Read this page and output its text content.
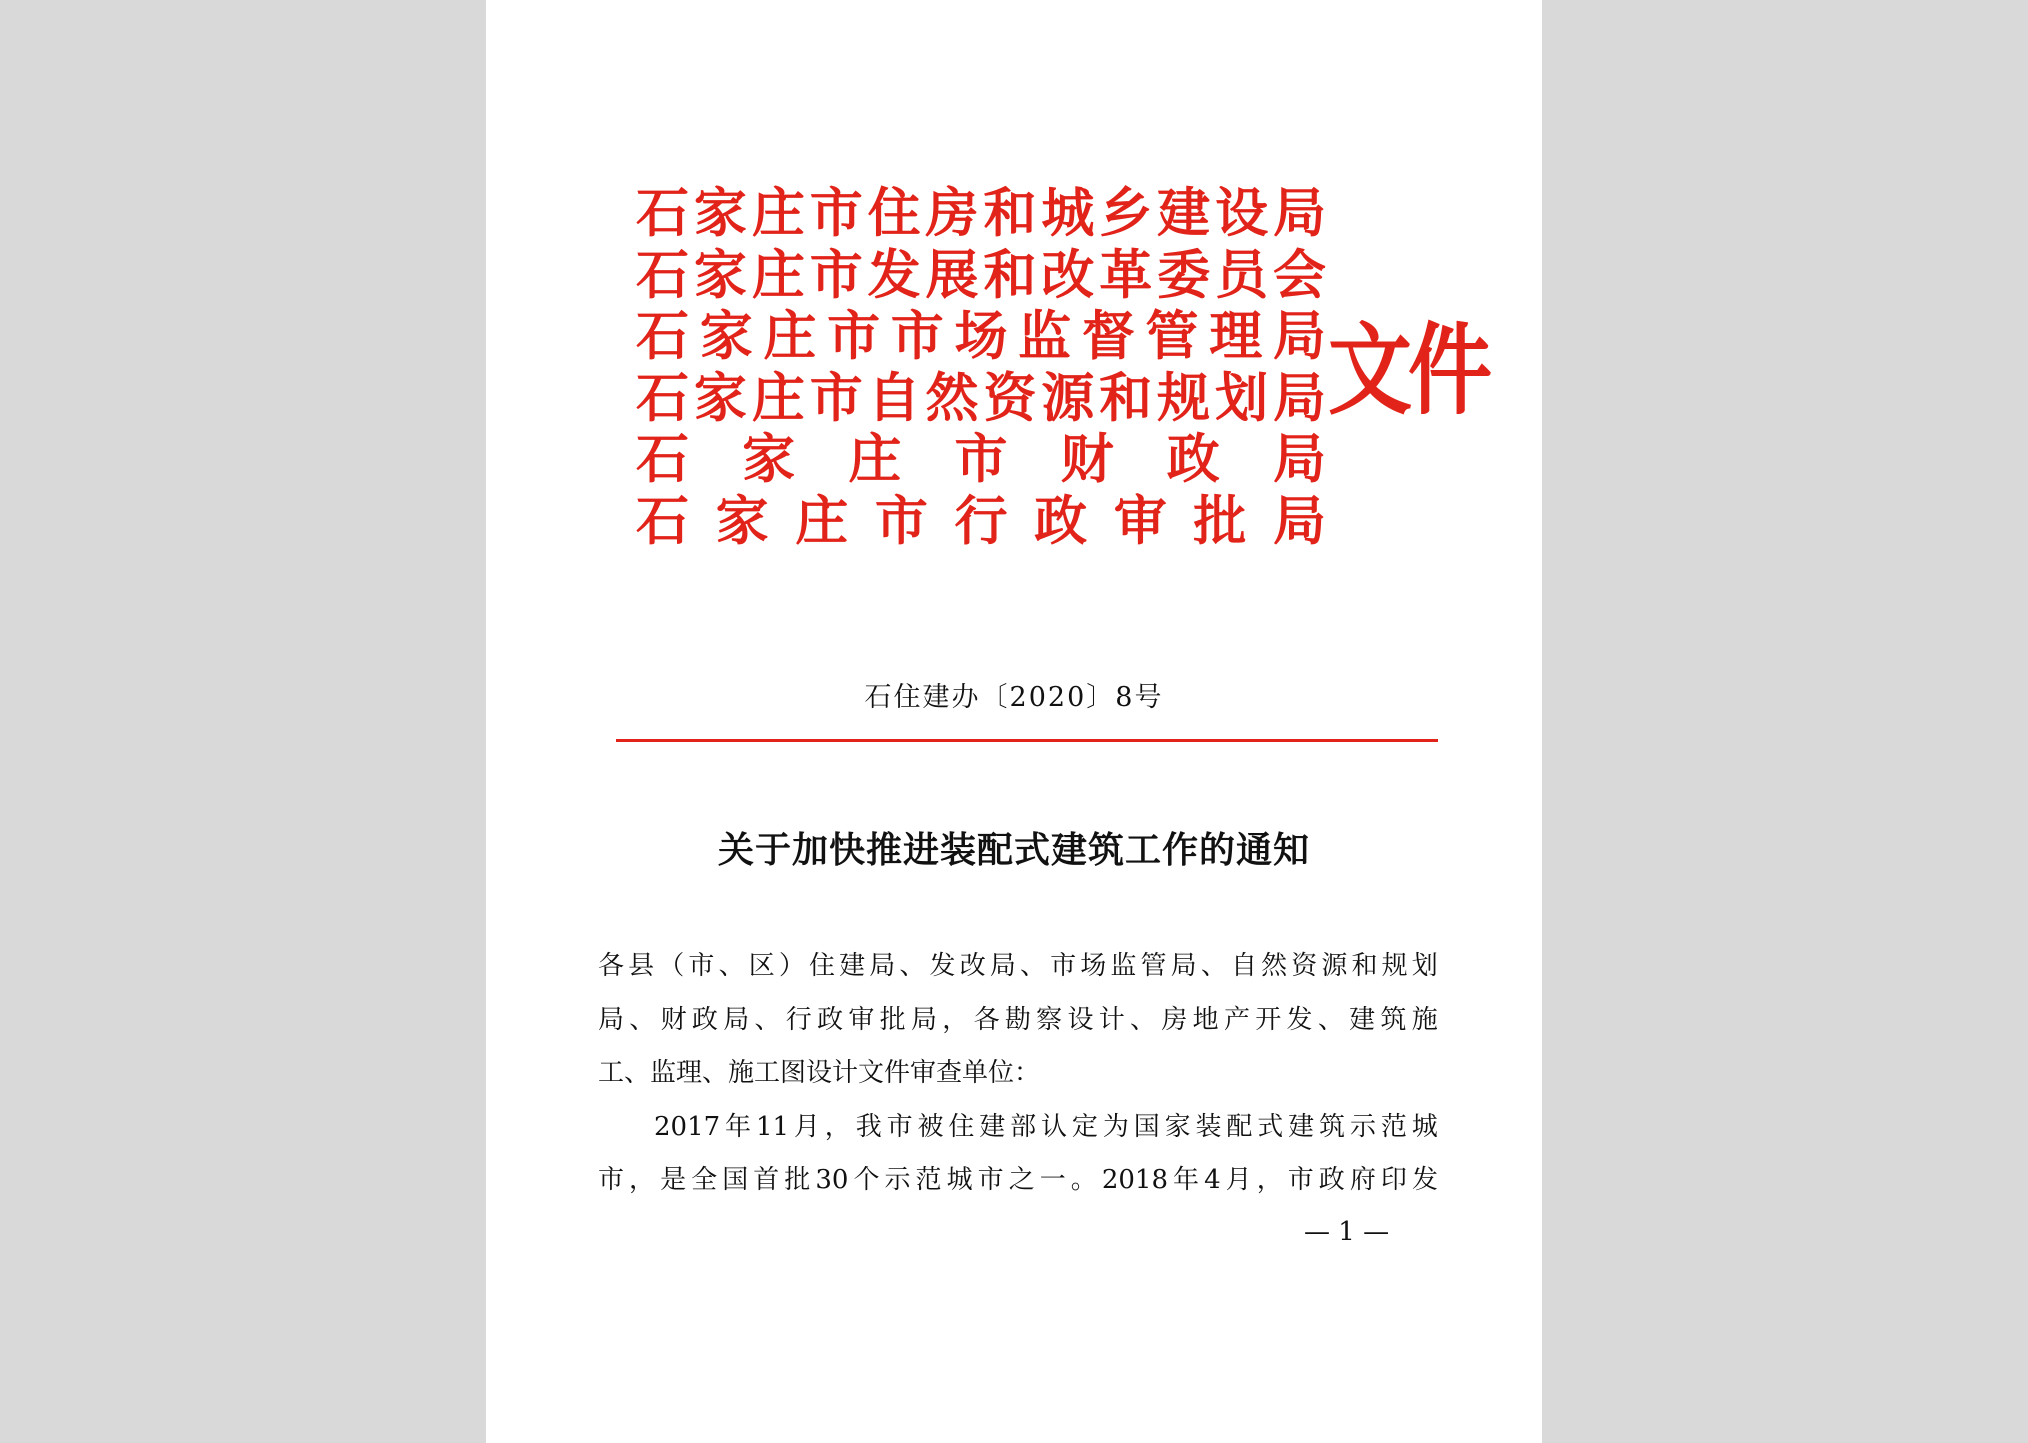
石 家 庄 市 住 房 和 城 乡 建 设 局
石 家 庄 市 发 展 和 改 革 委 员 会
石 家 庄 市 市 场 监 督 管 理 局
石 家 庄 市 自 然 资 源 和 规 划 局
石 家 庄 市 财 政 局
石 家 庄 市 行 政 审 批 局
文件
石住建办〔2020〕8号
关于加快推进装配式建筑工作的通知
各 县 （ 市 、 区 ） 住 建 局 、 发 改 局 、 市 场 监 管 局 、 自 然 资 源 和 规 划
局 、 财 政 局 、 行 政 审 批 局 ， 各 勘 察 设 计 、 房 地 产 开 发 、 建 筑 施
工、监理、施工图设计文件审查单位：
2017 年 11 月 ， 我 市 被 住 建 部 认 定 为 国 家 装 配 式 建 筑 示 范 城
市 ， 是 全 国 首 批 30 个 示 范 城 市 之 一 。 2018 年 4 月 ， 市 政 府 印 发
— 1 —
